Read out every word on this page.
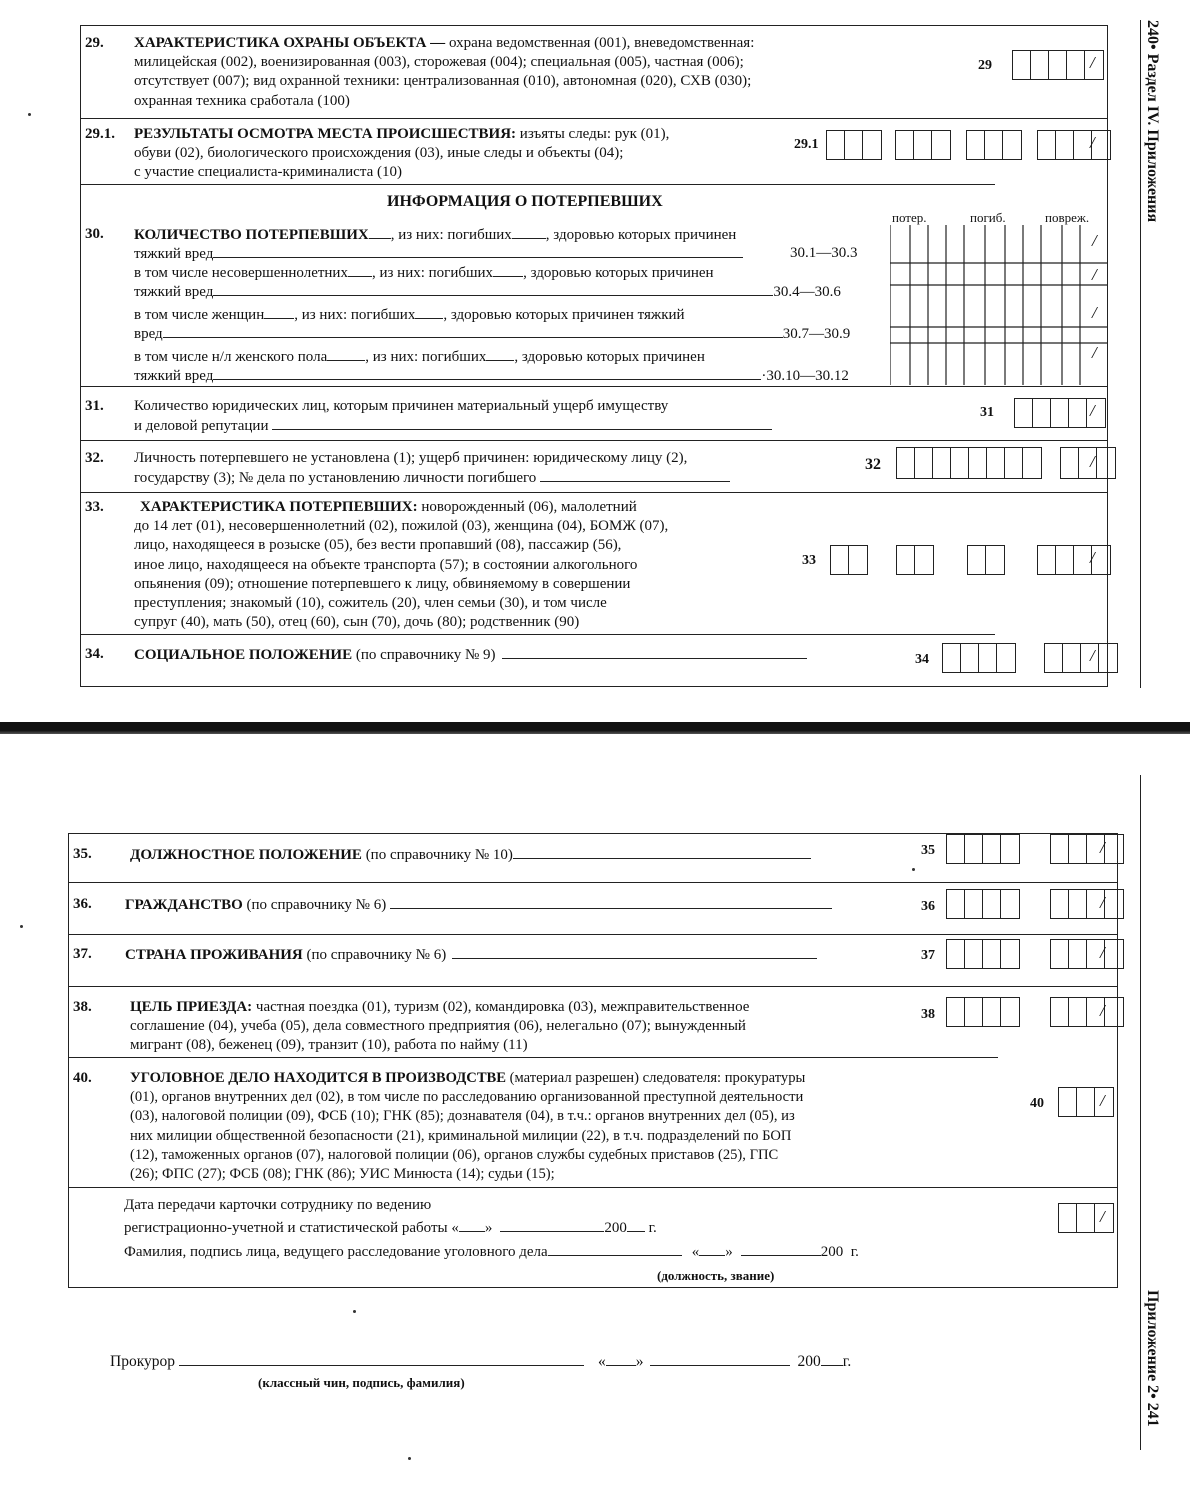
240• Раздел IV. Приложения
29. ХАРАКТЕРИСТИКА ОХРАНЫ ОБЪЕКТА — охрана ведомственная (001), вневедомственная:
милицейская (002), военизированная (003), сторожевая (004); специальная (005), частная (006);
отсутствует (007); вид охранной техники: централизованная (010), автономная (020), СХВ (030);
охранная техника сработала (100)
29	/
29.1. РЕЗУЛЬТАТЫ ОСМОТРА МЕСТА ПРОИСШЕСТВИЯ: изъяты следы: рук (01),
обуви (02), биологического происхождения (03), иные следы и объекты (04);
с участие специалиста-криминалиста (10)
29.1	/
ИНФОРМАЦИЯ О ПОТЕРПЕВШИХ
потер.	погиб.	повреж.
30. КОЛИЧЕСТВО ПОТЕРПЕВШИХ , из них: погибших , здоровью которых причинен
тяжкий вред	30.1—30.3
в том числе несовершеннолетних , из них: погибших , здоровью которых причинен
тяжкий вред	30.4—30.6
в том числе женщин , из них: погибших , здоровью которых причинен тяжкий
вред	30.7—30.9
в том числе н/л женского пола	, из них: погибших , здоровью которых причинен
тяжкий вред	·30.10—30.12
/
/
/
/
31. Количество юридических лиц, которым причинен материальный ущерб имуществу
и деловой репутации
31	/
32. Личность потерпевшего не установлена (1); ущерб причинен: юридическому лицу (2),
государству (3); № дела по установлению личности погибшего
32	/
33.	ХАРАКТЕРИСТИКА ПОТЕРПЕВШИХ: новорожденный (06), малолетний
до 14 лет (01), несовершеннолетний (02), пожилой (03), женщина (04), БОМЖ (07),
лицо, находящееся в розыске (05), без вести пропавший (08), пассажир (56),
иное лицо, находящееся на объекте транспорта (57); в состоянии алкогольного
опьянения (09); отношение потерпевшего к лицу, обвиняемому в совершении
преступления; знакомый (10), сожитель (20), член семьи (30), и том числе
супруг (40), мать (50), отец (60), сын (70), дочь (80); родственник (90)
33	/
34. СОЦИАЛЬНОЕ ПОЛОЖЕНИЕ (по справочнику № 9)	34	/
Приложение 2• 241
35.	ДОЛЖНОСТНОЕ ПОЛОЖЕНИЕ (по справочнику № 10)	35	/
36. ГРАЖДАНСТВО (по справочнику № 6)	36	/
37. СТРАНА ПРОЖИВАНИЯ (по справочнику № 6)	37	/
38.	ЦЕЛЬ ПРИЕЗДА: частная поездка (01), туризм (02), командировка (03), межправительственное
соглашение (04), учеба (05), дела совместного предприятия (06), нелегально (07); вынужденный
мигрант (08), беженец (09), транзит (10), работа по найму (11)
38	/
40.	УГОЛОВНОЕ ДЕЛО НАХОДИТСЯ В ПРОИЗВОДСТВЕ (материал разрешен) следователя: прокуратуры
(01), органов внутренних дел (02), в том числе по расследованию организованной преступной деятельности
(03), налоговой полиции (09), ФСБ (10); ГНК (85); дознавателя (04), в т.ч.: органов внутренних дел (05), из
них милиции общественной безопасности (21), криминальной милиции (22), в т.ч. подразделений по БОП
(12), таможенных органов (07), налоговой полиции (06), органов службы судебных приставов (25), ГПС
(26); ФПС (27); ФСБ (08); ГНК (86); УИС Минюста (14); судьи (15);
40	/
Дата передачи карточки сотруднику по ведению
регистрационно-учетной и статистической работы « »	200 г.
Фамилия, подпись лица, ведущего расследование уголовного дела	« »	200  г.
(должность, звание)
/
Прокурор	« »	200 г.
(классный чин, подпись, фамилия)
